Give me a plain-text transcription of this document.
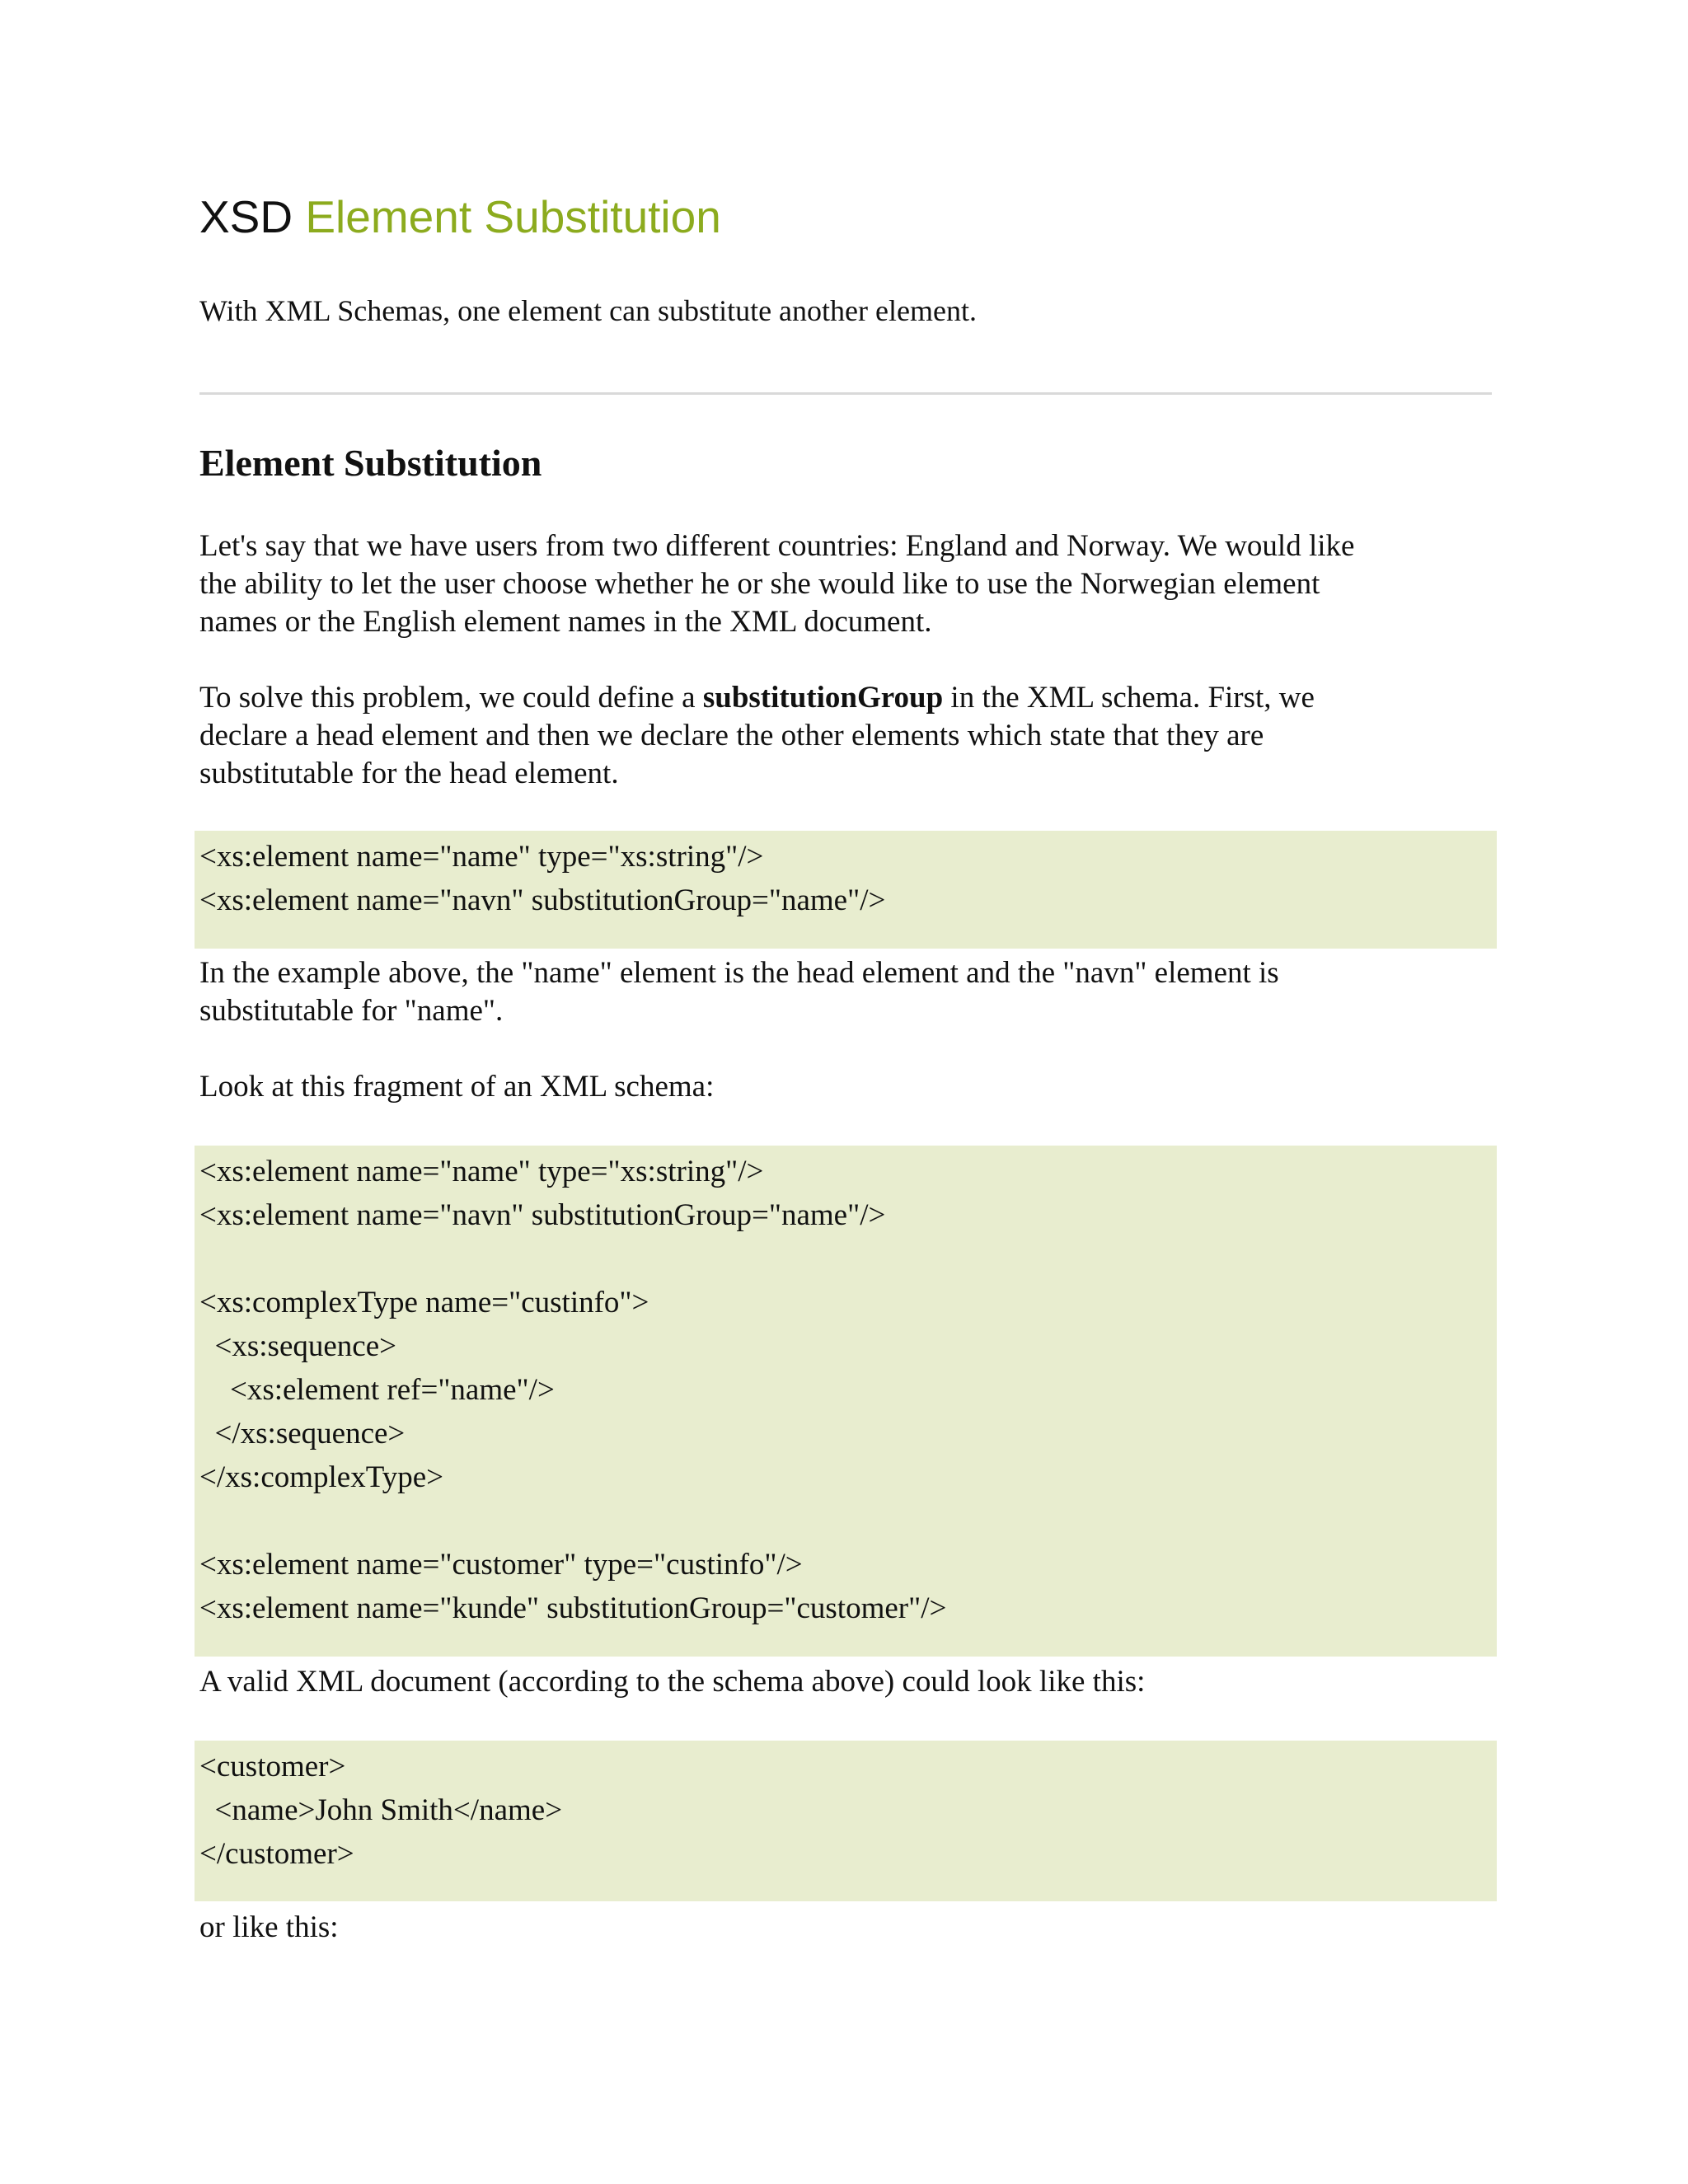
XSD Element Substitution

With XML Schemas, one element can substitute another element.

Element Substitution

Let's say that we have users from two different countries: England and Norway. We would like
the ability to let the user choose whether he or she would like to use the Norwegian element
names or the English element names in the XML document.

To solve this problem, we could define a substitutionGroup in the XML schema. First, we
declare a head element and then we declare the other elements which state that they are
substitutable for the head element.

<xs:element name="name" type="xs:string"/>
<xs:element name="navn" substitutionGroup="name"/>

In the example above, the "name" element is the head element and the "navn" element is
substitutable for "name".

Look at this fragment of an XML schema:

<xs:element name="name" type="xs:string"/>
<xs:element name="navn" substitutionGroup="name"/>
<xs:complexType name="custinfo">
<xs:sequence>
<xs:element ref="name"/>
</xs:sequence>
</xs:complexType>
<xs:element name="customer" type="custinfo"/>
<xs:element name="kunde" substitutionGroup="customer"/>

A valid XML document (according to the schema above) could look like this:

<customer>
<name>John Smith</name>
</customer>

or like this:
